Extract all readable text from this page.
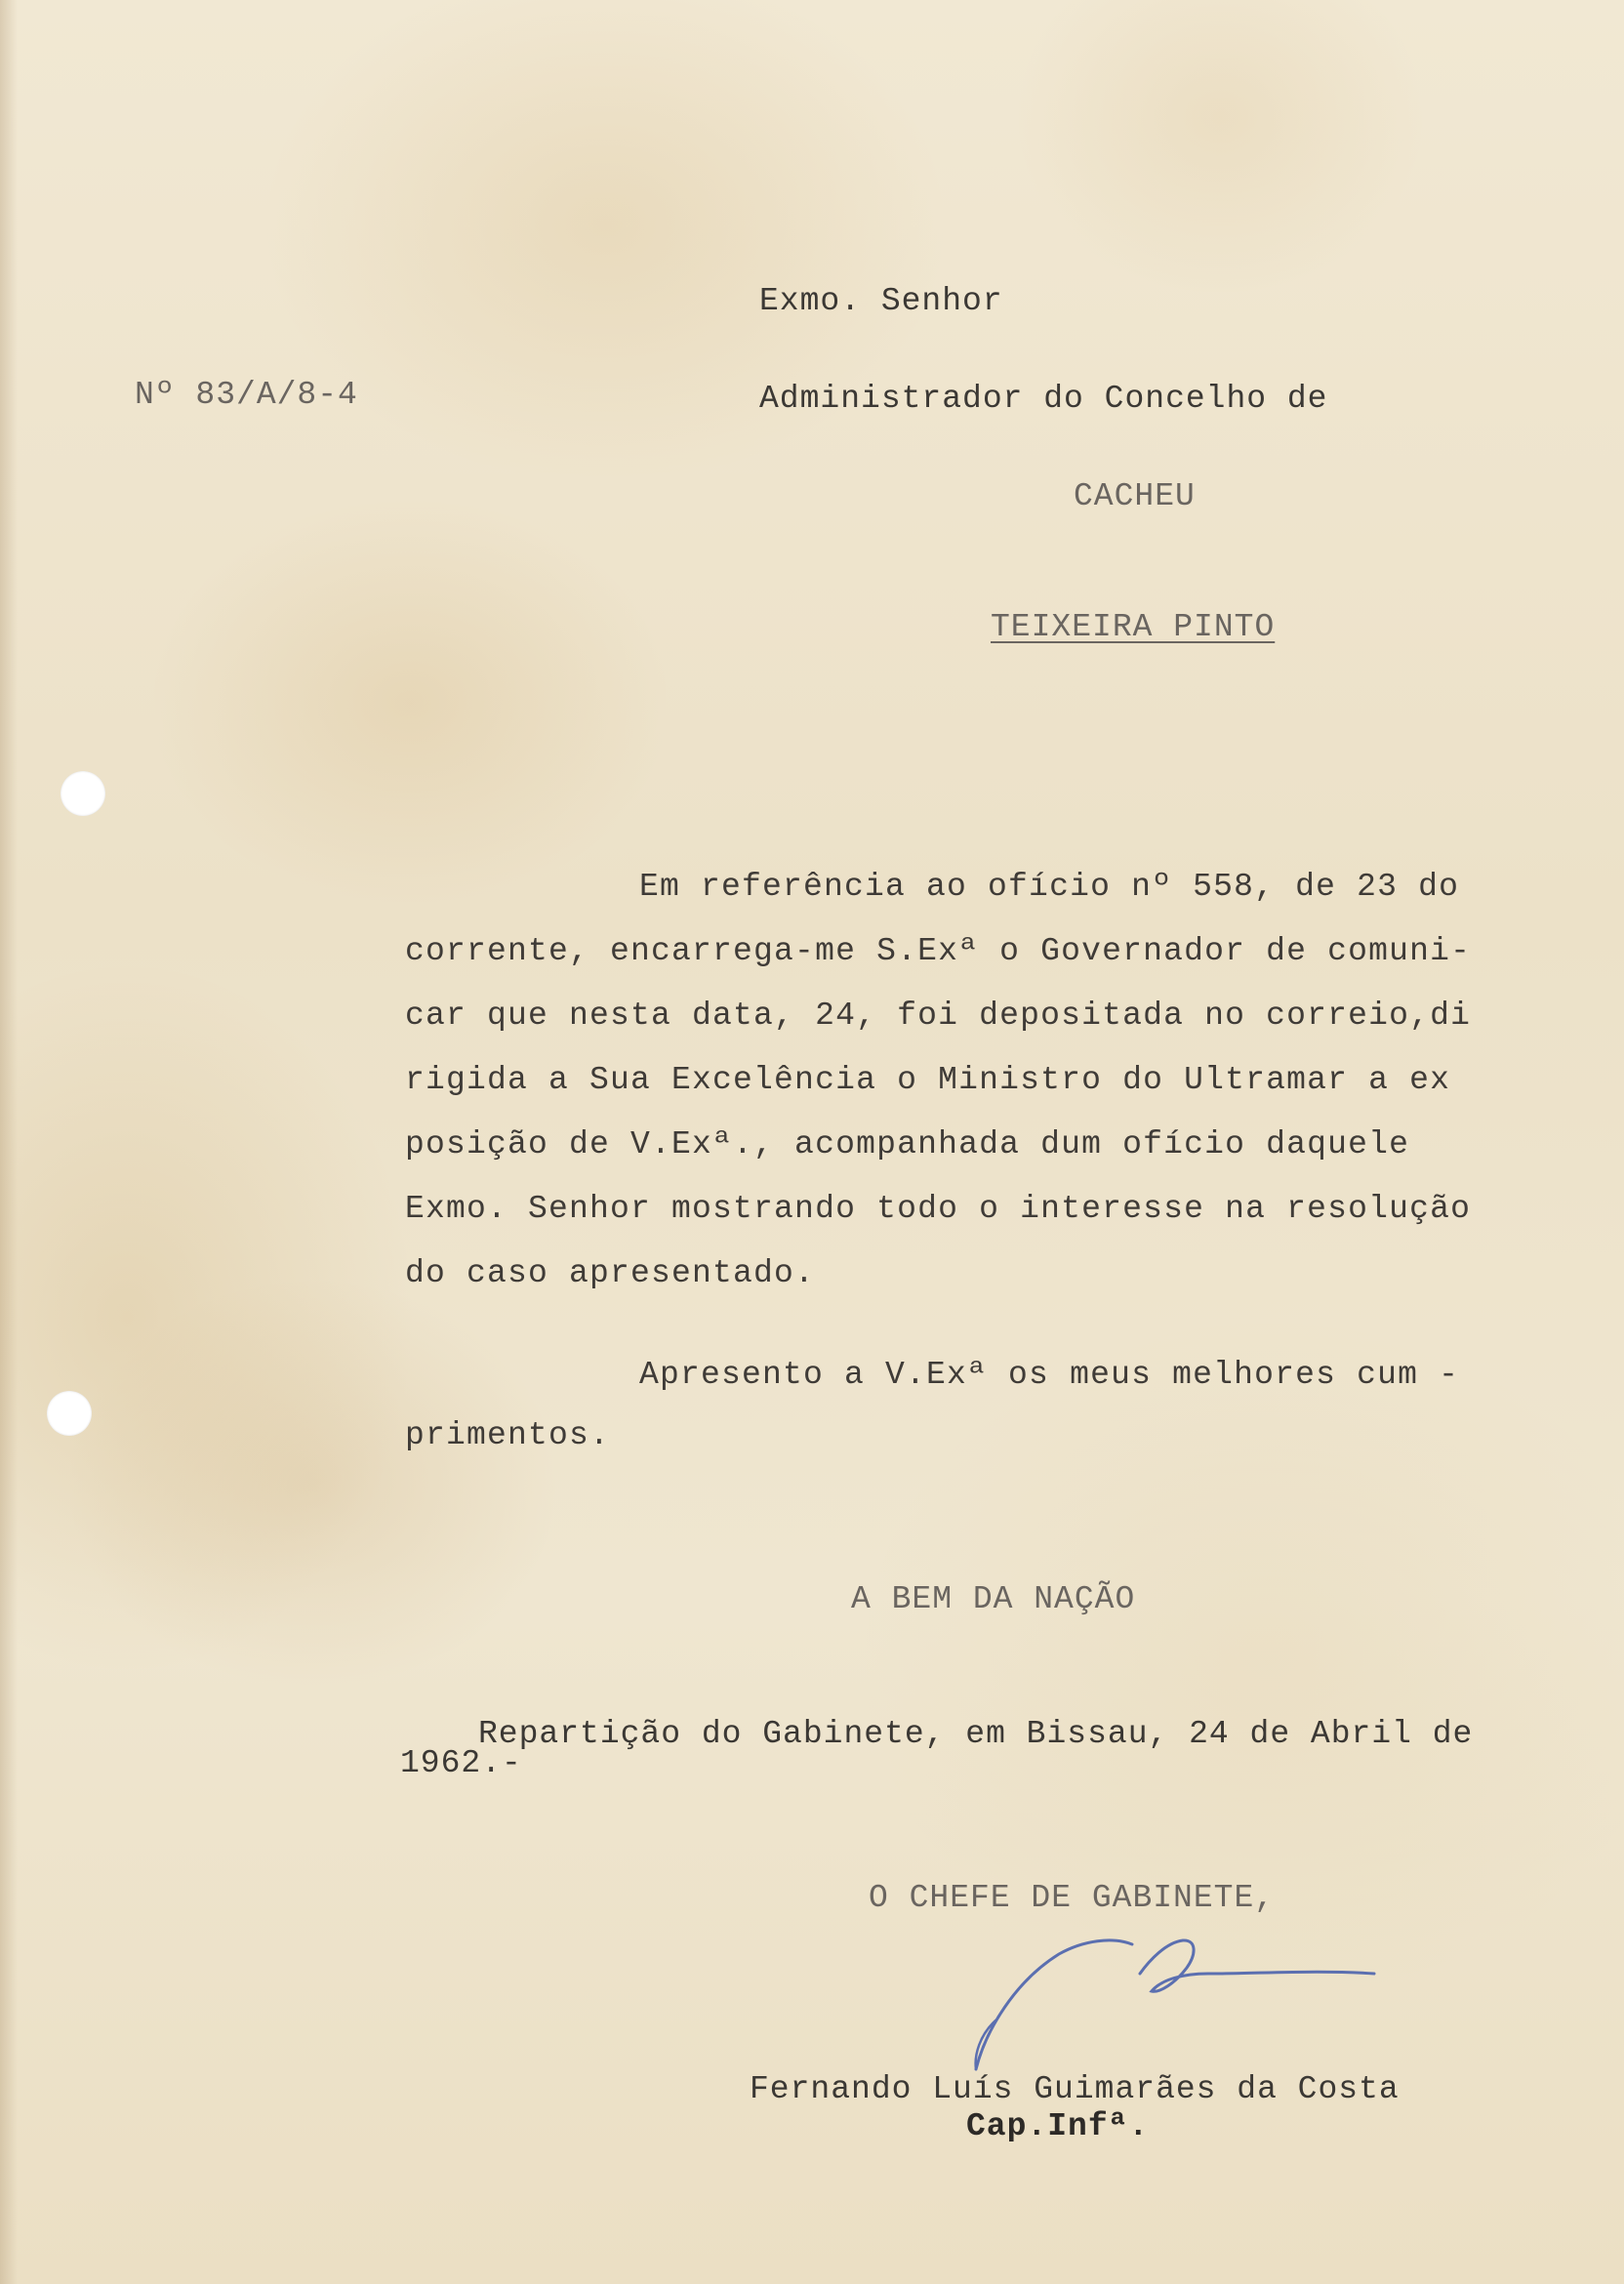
Nº 83/A/8-4
Exmo. Senhor
Administrador do Concelho de
CACHEU
TEIXEIRA PINTO
Em referência ao ofício nº 558, de 23 do
corrente, encarrega-me S.Exª o Governador de comuni-
car que nesta data, 24, foi depositada no correio,di
rigida a Sua Excelência o Ministro do Ultramar a ex
posição de V.Exª., acompanhada dum ofício daquele
Exmo. Senhor mostrando todo o interesse na resolução
do caso apresentado.
Apresento a V.Exª os meus melhores cum -
primentos.
A BEM DA NAÇÃO
Repartição do Gabinete, em Bissau, 24 de Abril de
1962.-
O CHEFE DE GABINETE,
Fernando Luís Guimarães da Costa
Cap.Infª.
